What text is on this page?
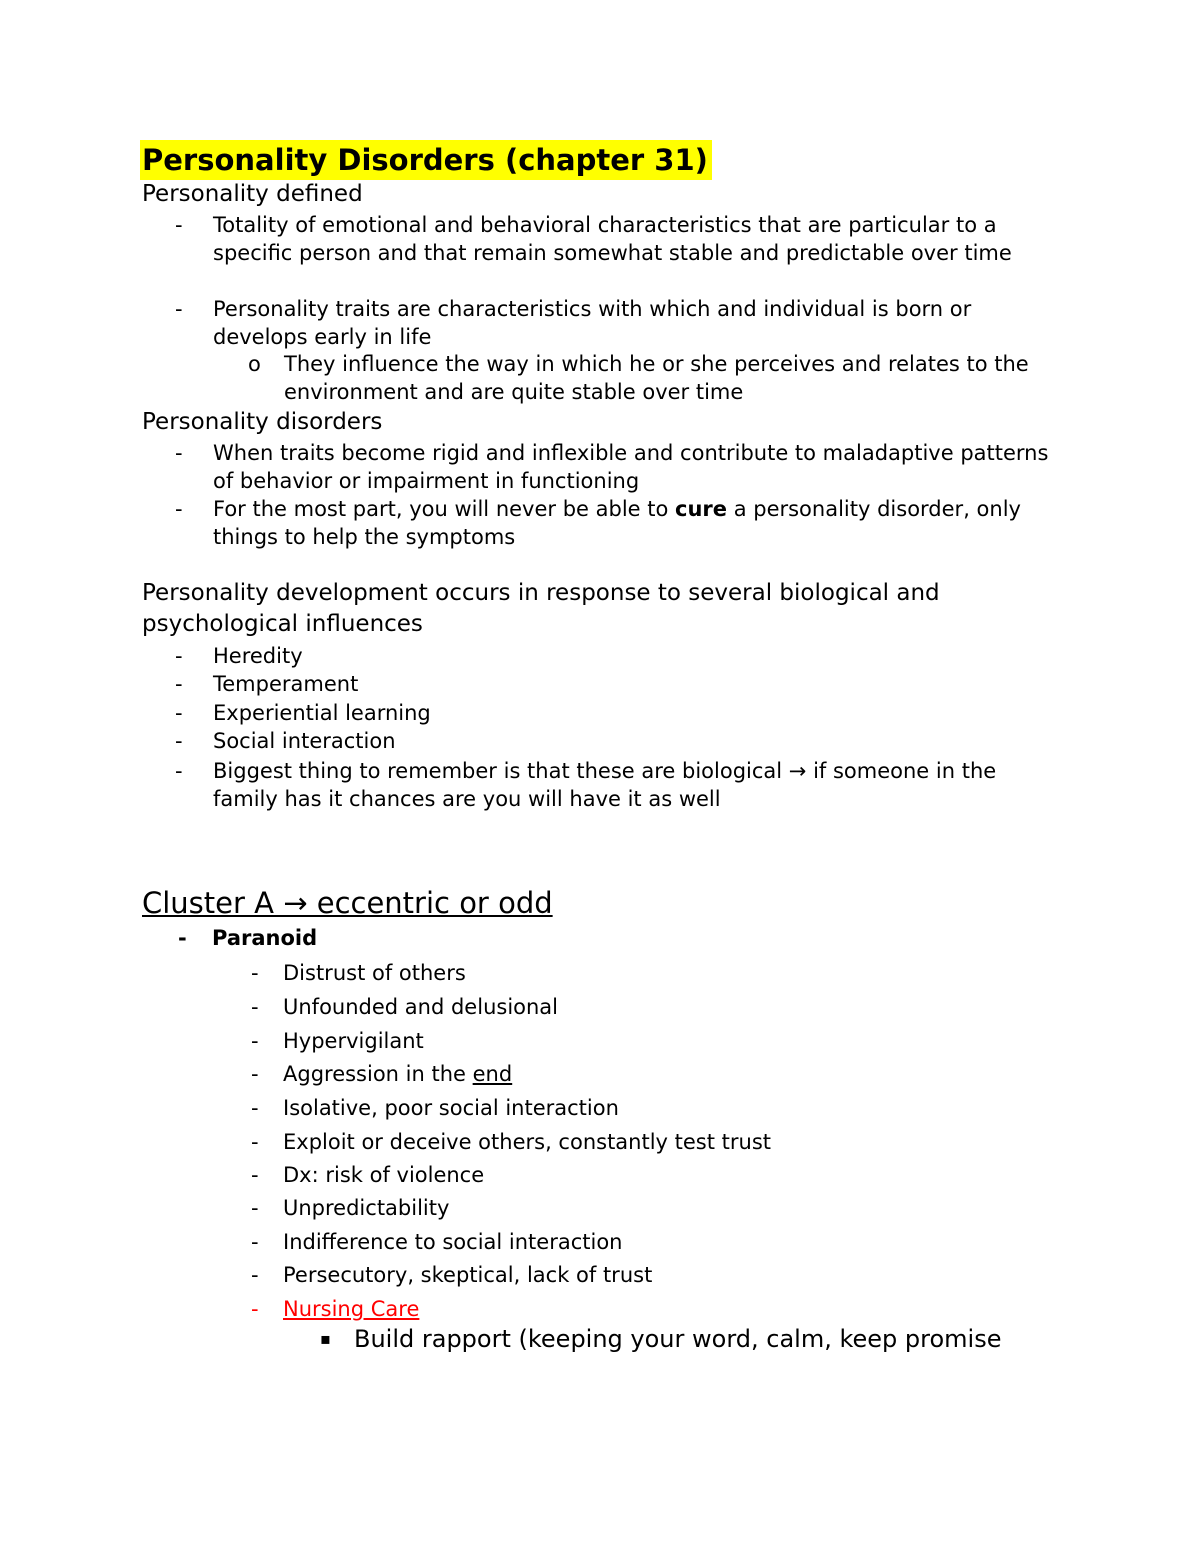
Personality Disorders (chapter 31)
Personality defined
-	Totality of emotional and behavioral characteristics that are particular to a specific person and that remain somewhat stable and predictable over time
-	Personality traits are characteristics with which and individual is born or develops early in life
o They influence the way in which he or she perceives and relates to the environment and are quite stable over time
Personality disorders
-	When traits become rigid and inflexible and contribute to maladaptive patterns of behavior or impairment in functioning
-	For the most part, you will never be able to cure a personality disorder, only things to help the symptoms
Personality development occurs in response to several biological and psychological influences
-	Heredity
-	Temperament
-	Experiential learning
-	Social interaction
-	Biggest thing to remember is that these are biological → if someone in the family has it chances are you will have it as well
Cluster A → eccentric or odd
- Paranoid
- Distrust of others
- Unfounded and delusional
- Hypervigilant
- Aggression in the end
- Isolative, poor social interaction
- Exploit or deceive others, constantly test trust
- Dx: risk of violence
- Unpredictability
- Indifference to social interaction
- Persecutory, skeptical, lack of trust
- Nursing Care
▪ Build rapport (keeping your word, calm, keep promise
